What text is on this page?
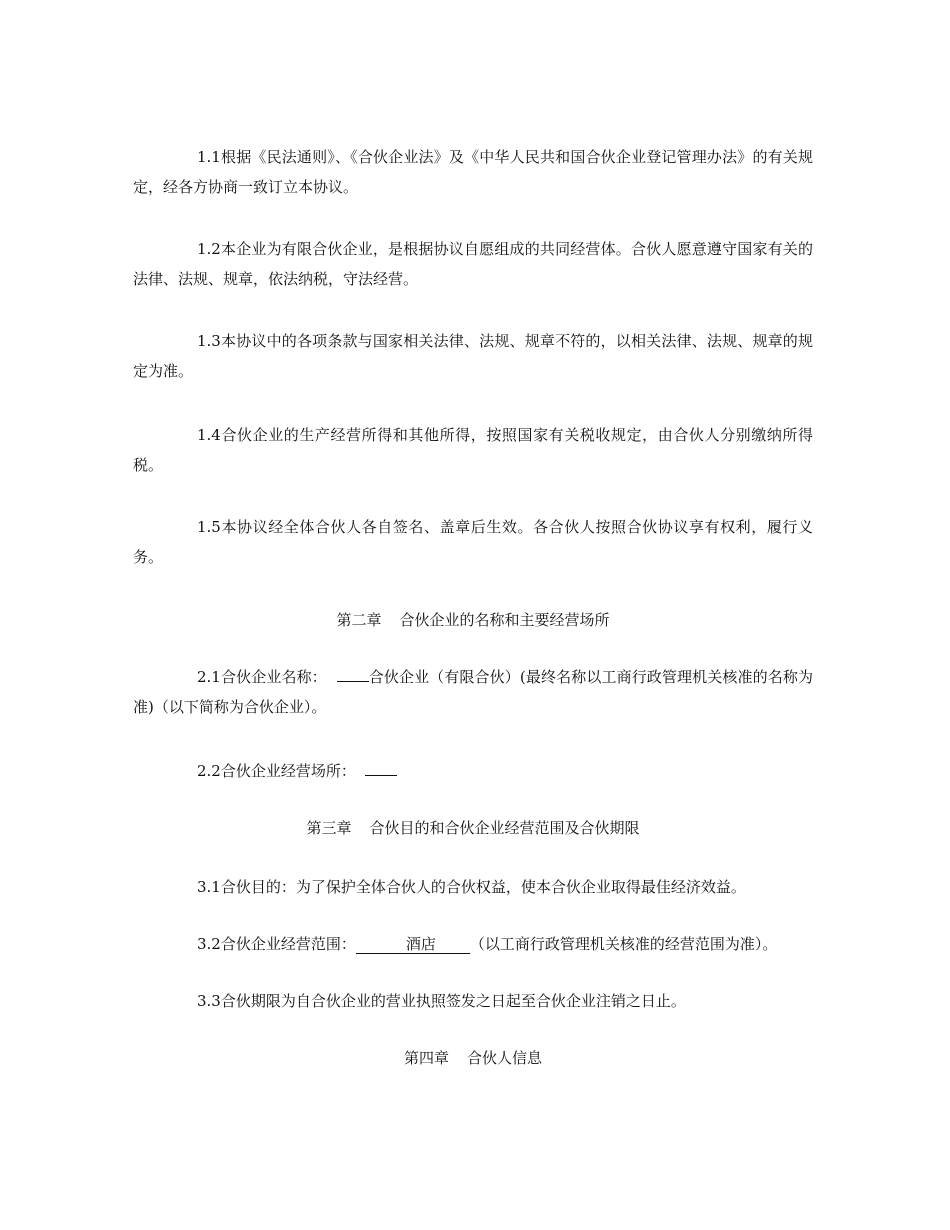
1.1根据《民法通则》、《合伙企业法》及《中华人民共和国合伙企业登记管理办法》的有关规定，经各方协商一致订立本协议。

1.2本企业为有限合伙企业，是根据协议自愿组成的共同经营体。合伙人愿意遵守国家有关的法律、法规、规章，依法纳税，守法经营。

1.3本协议中的各项条款与国家相关法律、法规、规章不符的，以相关法律、法规、规章的规定为准。

1.4合伙企业的生产经营所得和其他所得，按照国家有关税收规定，由合伙人分别缴纳所得税。

1.5本协议经全体合伙人各自签名、盖章后生效。各合伙人按照合伙协议享有权利，履行义务。

第二章 合伙企业的名称和主要经营场所

2.1合伙企业名称：	合伙企业（有限合伙）(最终名称以工商行政管理机关核准的名称为准)（以下简称为合伙企业）。

2.2合伙企业经营场所：

第三章 合伙目的和合伙企业经营范围及合伙期限

3.1合伙目的：为了保护全体合伙人的合伙权益，使本合伙企业取得最佳经济效益。

3.2合伙企业经营范围：	酒店 （以工商行政管理机关核准的经营范围为准）。

3.3合伙期限为自合伙企业的营业执照签发之日起至合伙企业注销之日止。

第四章 合伙人信息
